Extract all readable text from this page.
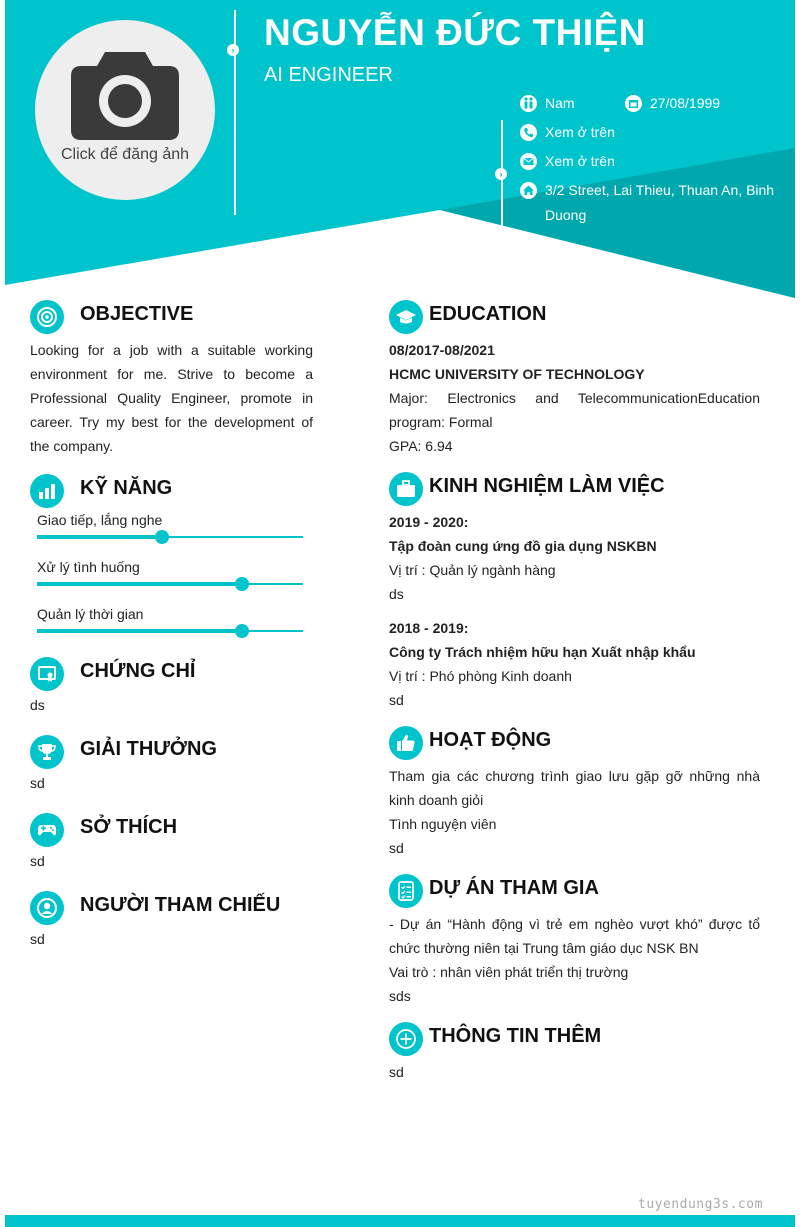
Click để đăng ảnh
› NGUYỄN ĐỨC THIỆN
AI ENGINEER
›
Nam	27/08/1999
Xem ở trên
Xem ở trên
3/2 Street, Lai Thieu, Thuan An, Binh Duong
OBJECTIVE

Looking for a job with a suitable working environment for me. Strive to become a Professional Quality Engineer, promote in career. Try my best for the development of the company.

KỸ NĂNG
Giao tiếp, lắng nghe
Xử lý tình huống
Quản lý thời gian
CHỨNG CHỈ

ds

GIẢI THƯỞNG

sd

SỞ THÍCH

sd

NGƯỜI THAM CHIẾU

sd

EDUCATION

08/2017-08/2021

HCMC UNIVERSITY OF TECHNOLOGY

Major: Electronics and TelecommunicationEducation program: Formal

GPA: 6.94

KINH NGHIỆM LÀM VIỆC

2019 - 2020:

Tập đoàn cung ứng đồ gia dụng NSKBN

Vị trí : Quản lý ngành hàng

ds

2018 - 2019:

Công ty Trách nhiệm hữu hạn Xuất nhập khẩu

Vị trí : Phó phòng Kinh doanh

sd

HOẠT ĐỘNG

Tham gia các chương trình giao lưu gặp gỡ những nhà kinh doanh giỏi

Tình nguyện viên

sd

DỰ ÁN THAM GIA

- Dự án “Hành động vì trẻ em nghèo vượt khó” được tổ chức thường niên tại Trung tâm giáo dục NSK BN

Vai trò : nhân viên phát triển thị trường

sds

THÔNG TIN THÊM

sd

tuyendung3s.com
